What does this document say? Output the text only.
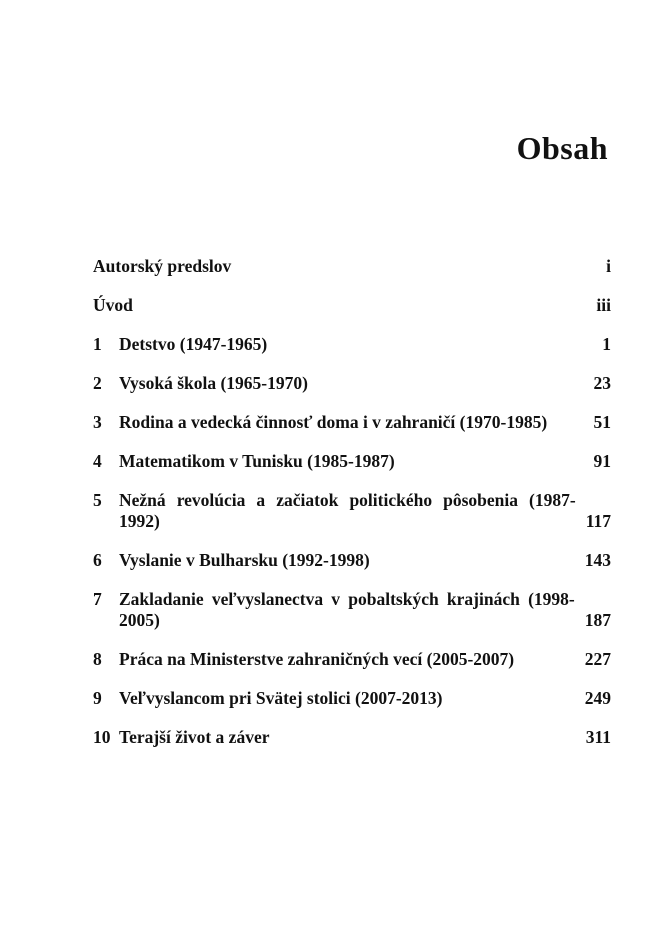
Obsah
Autorský predslov	i
Úvod	iii
1 Detstvo (1947-1965)	1
2 Vysoká škola (1965-1970)	23
3 Rodina a vedecká činnosť doma i v zahraničí (1970-1985)	51
4 Matematikom v Tunisku (1985-1987)	91
5 Nežná revolúcia a začiatok politického pôsobenia (1987-1992)	117
6 Vyslanie v Bulharsku (1992-1998)	143
7 Zakladanie veľvyslanectva v pobaltských krajinách (1998-2005)	187
8 Práca na Ministerstve zahraničných vecí (2005-2007)	227
9 Veľvyslancom pri Svätej stolici (2007-2013)	249
10 Terajší život a záver	311
